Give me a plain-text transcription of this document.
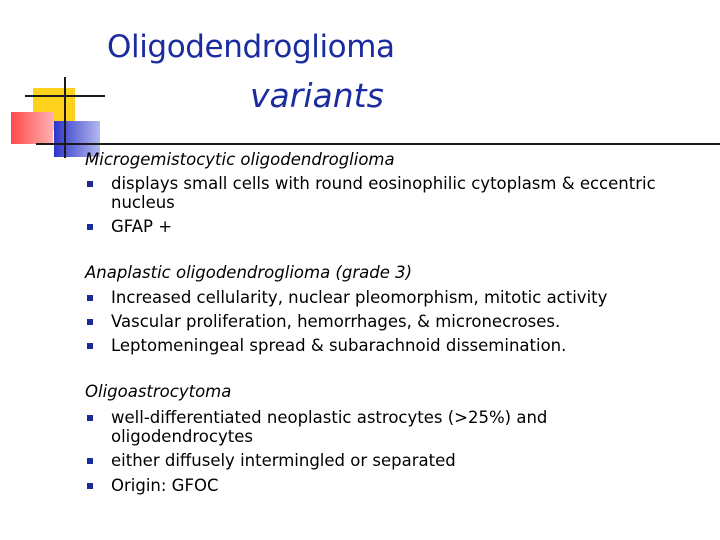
Oligodendroglioma
variants
Microgemistocytic oligodendroglioma
displays small cells with round eosinophilic cytoplasm & eccentric nucleus
GFAP +
Anaplastic oligodendroglioma (grade 3)
Increased cellularity, nuclear pleomorphism, mitotic activity
Vascular proliferation, hemorrhages, & micronecroses.
Leptomeningeal spread & subarachnoid dissemination.
Oligoastrocytoma
well-differentiated neoplastic astrocytes (>25%) and oligodendrocytes
either diffusely intermingled or separated
Origin: GFOC
